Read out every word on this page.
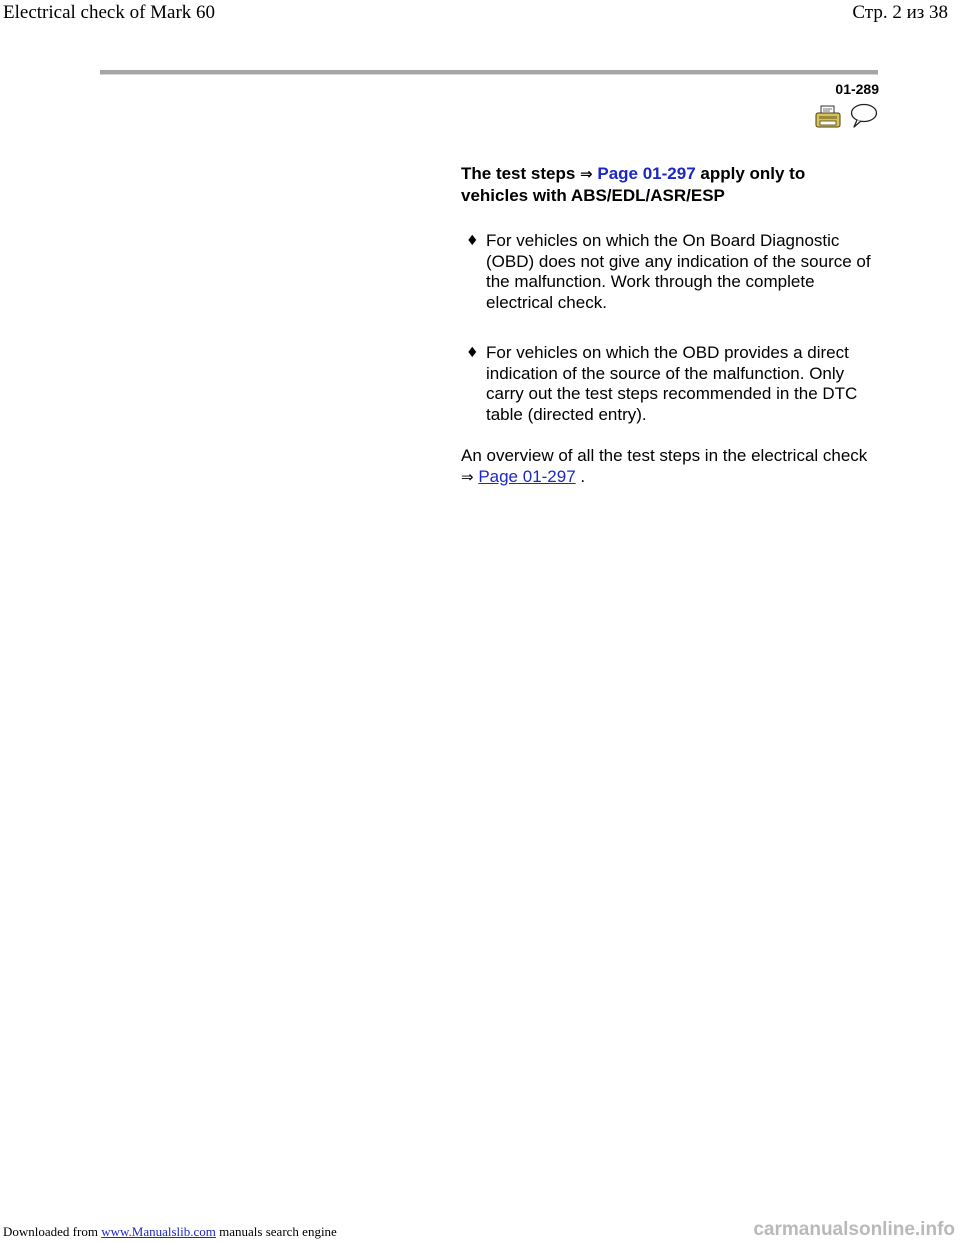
Electrical check of Mark 60	Стр. 2 из 38
01-289
The test steps ⇒ Page 01-297 apply only to vehicles with ABS/EDL/ASR/ESP
♦ For vehicles on which the On Board Diagnostic (OBD) does not give any indication of the source of the malfunction. Work through the complete electrical check.
♦ For vehicles on which the OBD provides a direct indication of the source of the malfunction. Only carry out the test steps recommended in the DTC table (directed entry).
An overview of all the test steps in the electrical check ⇒ Page 01-297 .
Downloaded from www.Manualslib.com manuals search engine	carmanualsonline.info
